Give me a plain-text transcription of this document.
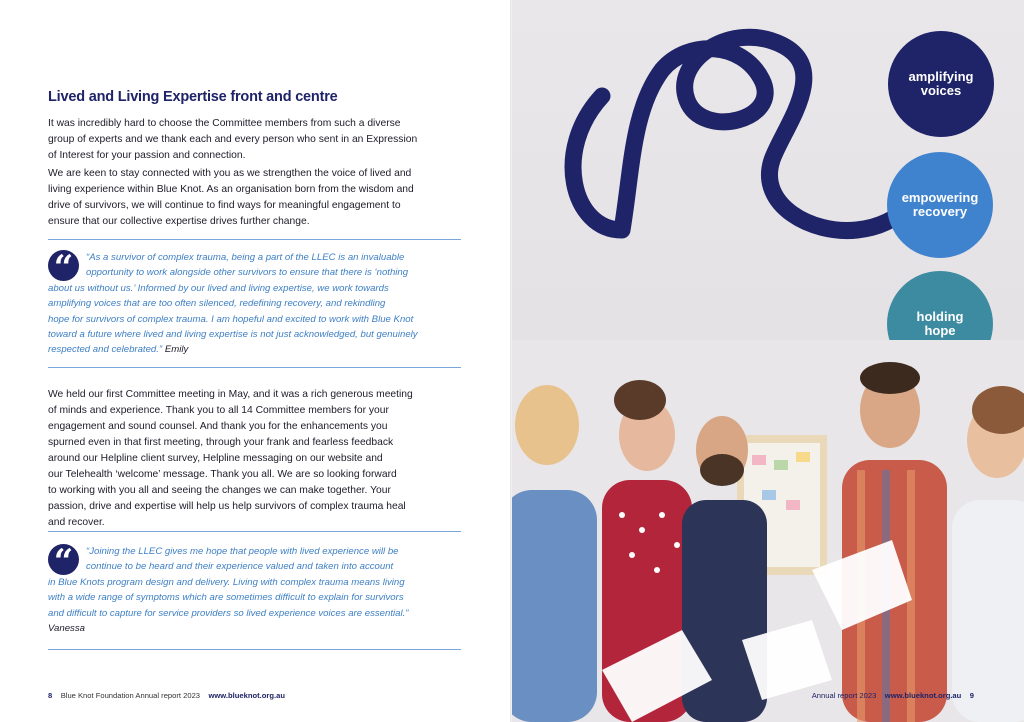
Lived and Living Expertise front and centre

It was incredibly hard to choose the Committee members from such a diverse
group of experts and we thank each and every person who sent in an Expression
of Interest for your passion and connection.

We are keen to stay connected with you as we strengthen the voice of lived and
living experience within Blue Knot. As an organisation born from the wisdom and
drive of survivors, we will continue to find ways for meaningful engagement to
ensure that our collective expertise drives further change.

“	“As a survivor of complex trauma, being a part of the LLEC is an invaluable
opportunity to work alongside other survivors to ensure that there is ‘nothing
about us without us.’ Informed by our lived and living expertise, we work towards
amplifying voices that are too often silenced, redefining recovery, and rekindling
hope for survivors of complex trauma. I am hopeful and excited to work with Blue Knot
toward a future where lived and living expertise is not just acknowledged, but genuinely
respected and celebrated.” Emily

We held our first Committee meeting in May, and it was a rich generous meeting
of minds and experience. Thank you to all 14 Committee members for your
engagement and sound counsel. And thank you for the enhancements you
spurned even in that first meeting, through your frank and fearless feedback
around our Helpline client survey, Helpline messaging on our website and
our Telehealth ‘welcome’ message. Thank you all. We are so looking forward
to working with you all and seeing the changes we can make together. Your
passion, drive and expertise will help us help survivors of complex trauma heal
and recover.

“	“Joining the LLEC gives me hope that people with lived experience will be
continue to be heard and their experience valued and taken into account
in Blue Knots program design and delivery. Living with complex trauma means living
with a wide range of symptoms which are sometimes difficult to explain for survivors
and difficult to capture for service providers so lived experience voices are essential.”
Vanessa

8 Blue Knot Foundation Annual report 2023 www.blueknot.org.au
amplifying
voices
empowering
recovery
holding
hope
Annual report 2023 www.blueknot.org.au 9
